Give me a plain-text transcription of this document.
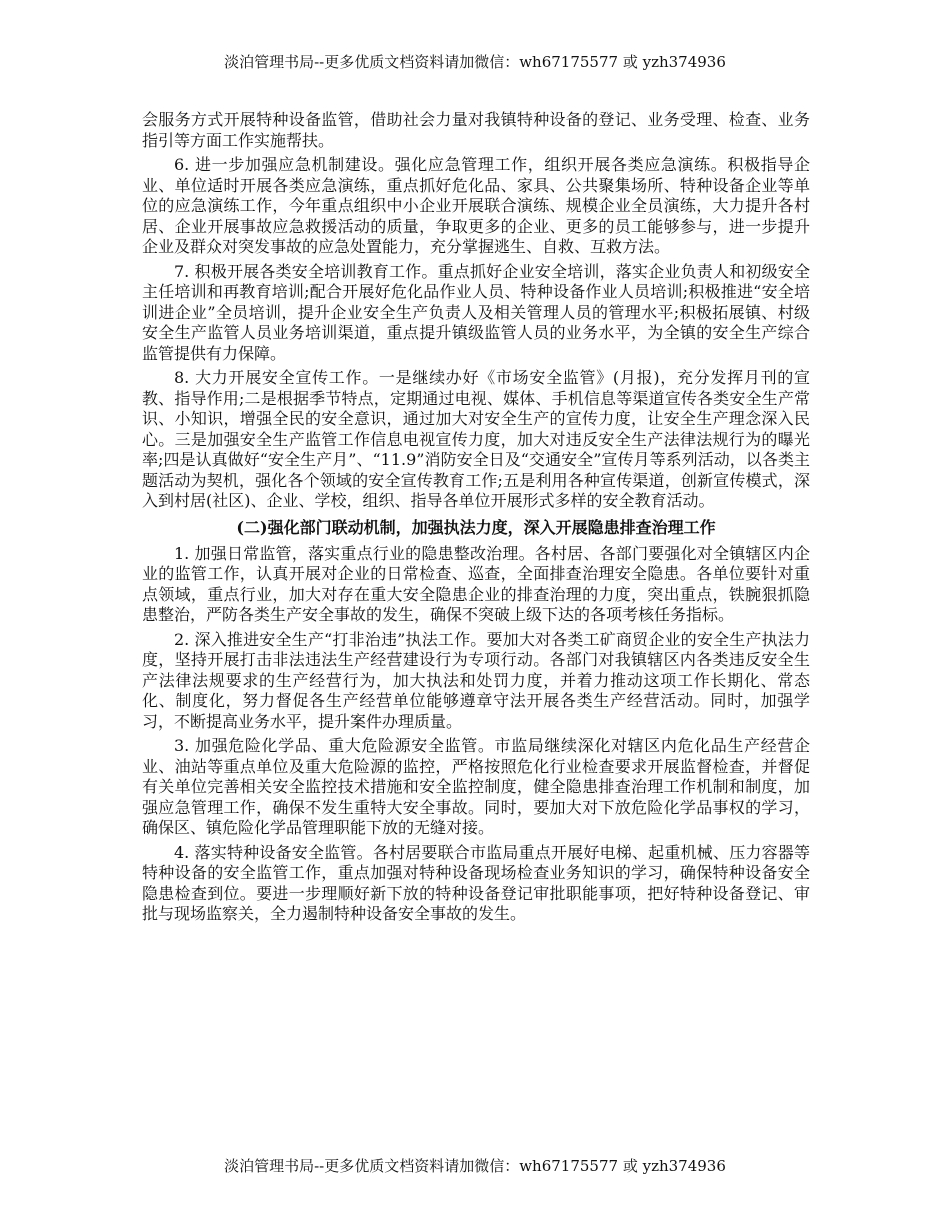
淡泊管理书局--更多优质文档资料请加微信：wh67175577 或 yzh374936

会服务方式开展特种设备监管，借助社会力量对我镇特种设备的登记、业务受理、检查、业务指引等方面工作实施帮扶。

6. 进一步加强应急机制建设。强化应急管理工作，组织开展各类应急演练。积极指导企业、单位适时开展各类应急演练，重点抓好危化品、家具、公共聚集场所、特种设备企业等单位的应急演练工作，今年重点组织中小企业开展联合演练、规模企业全员演练，大力提升各村居、企业开展事故应急救援活动的质量，争取更多的企业、更多的员工能够参与，进一步提升企业及群众对突发事故的应急处置能力，充分掌握逃生、自救、互救方法。

7. 积极开展各类安全培训教育工作。重点抓好企业安全培训，落实企业负责人和初级安全主任培训和再教育培训;配合开展好危化品作业人员、特种设备作业人员培训;积极推进“安全培训进企业”全员培训，提升企业安全生产负责人及相关管理人员的管理水平;积极拓展镇、村级安全生产监管人员业务培训渠道，重点提升镇级监管人员的业务水平，为全镇的安全生产综合监管提供有力保障。

8. 大力开展安全宣传工作。一是继续办好《市场安全监管》(月报)，充分发挥月刊的宣教、指导作用;二是根据季节特点，定期通过电视、媒体、手机信息等渠道宣传各类安全生产常识、小知识，增强全民的安全意识，通过加大对安全生产的宣传力度，让安全生产理念深入民心。三是加强安全生产监管工作信息电视宣传力度，加大对违反安全生产法律法规行为的曝光率;四是认真做好“安全生产月”、“11.9”消防安全日及“交通安全”宣传月等系列活动，以各类主题活动为契机，强化各个领域的安全宣传教育工作;五是利用各种宣传渠道，创新宣传模式，深入到村居(社区)、企业、学校，组织、指导各单位开展形式多样的安全教育活动。

(二)强化部门联动机制，加强执法力度，深入开展隐患排查治理工作

1. 加强日常监管，落实重点行业的隐患整改治理。各村居、各部门要强化对全镇辖区内企业的监管工作，认真开展对企业的日常检查、巡查，全面排查治理安全隐患。各单位要针对重点领域，重点行业，加大对存在重大安全隐患企业的排查治理的力度，突出重点，铁腕狠抓隐患整治，严防各类生产安全事故的发生，确保不突破上级下达的各项考核任务指标。

2. 深入推进安全生产“打非治违”执法工作。要加大对各类工矿商贸企业的安全生产执法力度，坚持开展打击非法违法生产经营建设行为专项行动。各部门对我镇辖区内各类违反安全生产法律法规要求的生产经营行为，加大执法和处罚力度，并着力推动这项工作长期化、常态化、制度化，努力督促各生产经营单位能够遵章守法开展各类生产经营活动。同时，加强学习，不断提高业务水平，提升案件办理质量。

3. 加强危险化学品、重大危险源安全监管。市监局继续深化对辖区内危化品生产经营企业、油站等重点单位及重大危险源的监控，严格按照危化行业检查要求开展监督检查，并督促有关单位完善相关安全监控技术措施和安全监控制度，健全隐患排查治理工作机制和制度，加强应急管理工作，确保不发生重特大安全事故。同时，要加大对下放危险化学品事权的学习，确保区、镇危险化学品管理职能下放的无缝对接。

4. 落实特种设备安全监管。各村居要联合市监局重点开展好电梯、起重机械、压力容器等特种设备的安全监管工作，重点加强对特种设备现场检查业务知识的学习，确保特种设备安全隐患检查到位。要进一步理顺好新下放的特种设备登记审批职能事项，把好特种设备登记、审批与现场监察关，全力遏制特种设备安全事故的发生。

淡泊管理书局--更多优质文档资料请加微信：wh67175577 或 yzh374936
